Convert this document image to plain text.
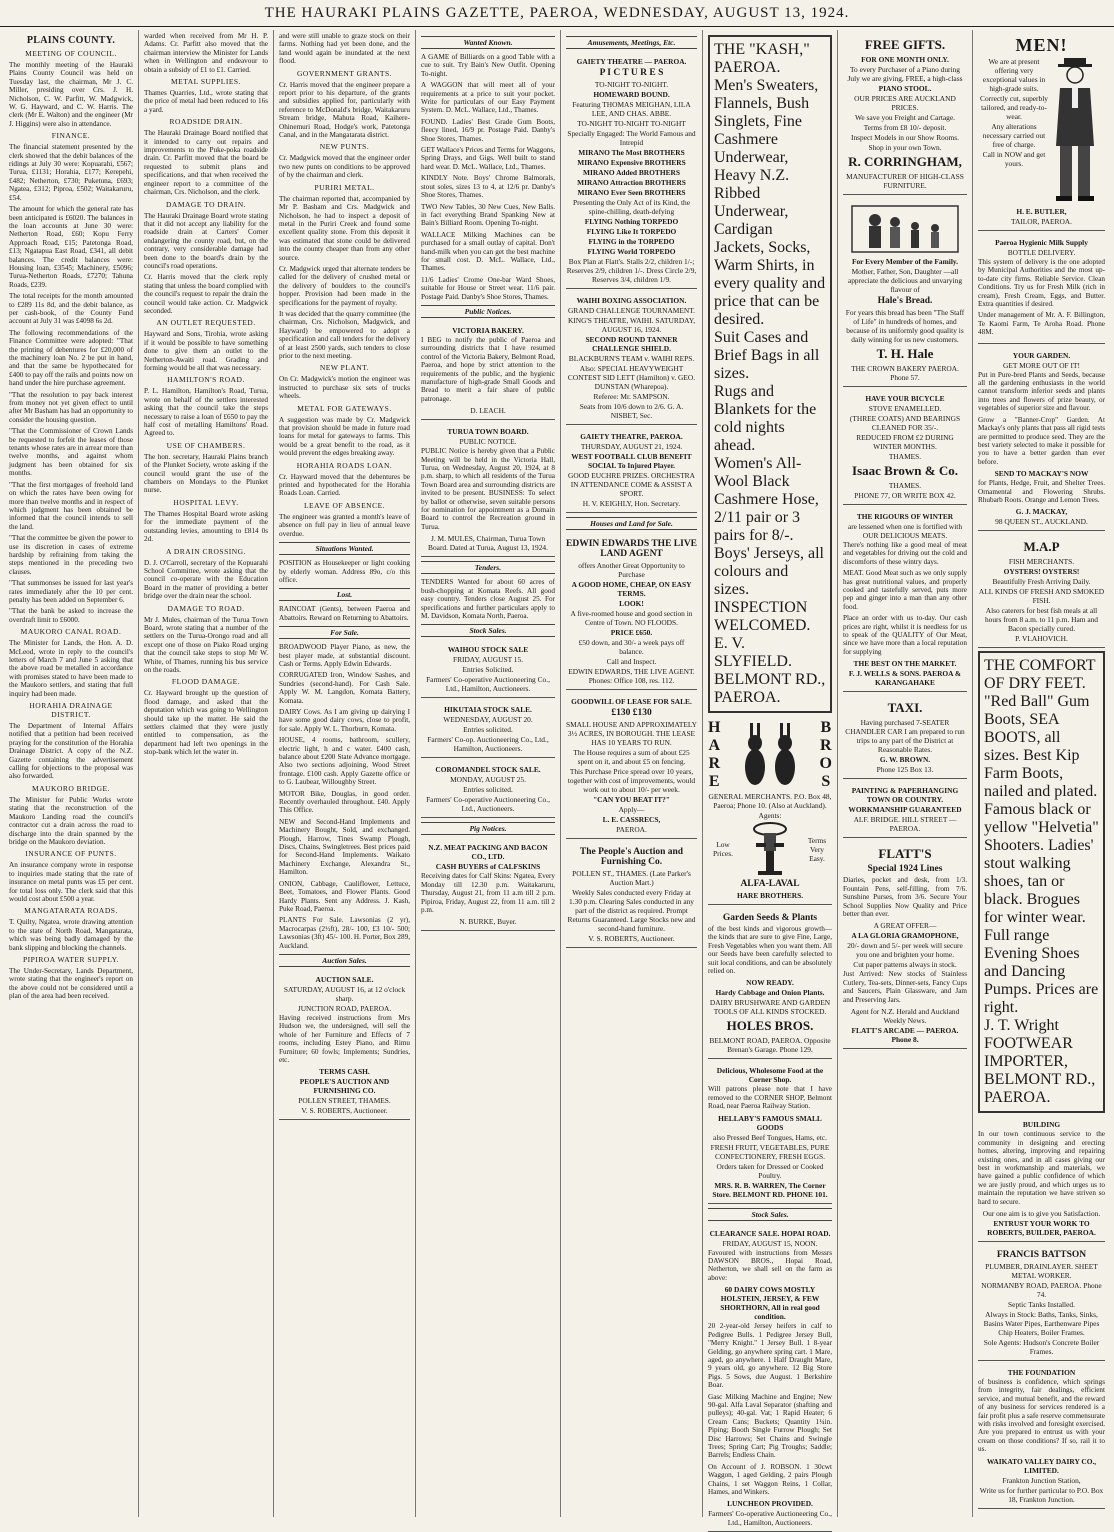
THE HAURAKI PLAINS GAZETTE, PAEROA, WEDNESDAY, AUGUST 13, 1924.
PLAINS COUNTY.
MEETING OF COUNCIL.

The monthly meeting of the Hauraki Plains County Council was held on Tuesday last, the chairman, Mr J. C. Miller, presiding over Crs. J. H. Nicholson, C. W. Parfitt, W. Madgwick, W. G. Hayward, and C. W. Harris. The clerk (Mr E. Walton) and the engineer (Mr J. Higgins) were also in attendance.

FINANCE.

The financial statement presented by the clerk showed that the debit balances of the ridings at July 30 were: Kopuarahi, £567; Turua, £1131; Horahia, £177; Kerepehi, £482; Netherton, £730; Puketuna, £693; Ngatea, £312; Piproa, £502; Waitakaruru, £54.

The amount for which the general rate has been anticipated is £6020. The balances in the loan accounts at June 30 were: Netherton Road, £60; Kopu Ferry Approach Road, £15; Patetonga Road, £13; Ngatapua East Road, £341, all debit balances. The credit balances were: Housing loan, £3545; Machinery, £5096; Turua-Netherton Roads, £7270; Tahuna Roads, £239.

The total receipts for the month amounted to £289 11s 8d, and the debit balance, as per cash-book, of the County Fund account at July 31 was £4098 6s 2d.

The following recommendations of the Finance Committee were adopted: "That the printing of debentures for £20,000 of the machinery loan No. 2 be put in hand, and that the same be hypothecated for £400 to pay off the rails and points now on hand under the hire purchase agreement.

"That the resolution to pay back interest from money not yet given effect to until after Mr Basham has had an opportunity to consider the housing question.

"That the Commissioner of Crown Lands be requested to forfeit the leases of those tenants whose rates are in arrear more than twelve months, and against whom judgment has been obtained for six months.

"That the first mortgages of freehold land on which the rates have been owing for more than twelve months and in respect of which judgment has been obtained be informed that the council intends to sell the land.

"That the committee be given the power to use its discretion in cases of extreme hardship by refraining from taking the steps mentioned in the preceding two clauses.

"That summonses be issued for last year's rates immediately after the 10 per cent. penalty has been added on September 6.

"That the bank be asked to increase the overdraft limit to £6000.

MAUKORO CANAL ROAD.

The Minister for Lands, the Hon. A. D. McLeod, wrote in reply to the council's letters of March 7 and June 5 asking that the above road be metalled in accordance with promises stated to have been made to the Maukoro settlers, and stating that full inquiry had been made.

HORAHIA DRAINAGE DISTRICT.

The Department of Internal Affairs notified that a petition had been received praying for the constitution of the Horahia Drainage District. A copy of the N.Z. Gazette containing the advertisement calling for objections to the proposal was also forwarded.

MAUKORO BRIDGE.

The Minister for Public Works wrote stating that the reconstruction of the Maukoro Landing road the council's contractor cut a drain across the road to discharge into the drain spanned by the bridge on the Maukoro deviation.

INSURANCE OF PUNTS.

An insurance company wrote in response to inquiries made stating that the rate of insurance on metal punts was £5 per cent. for total loss only. The clerk said that this would cost about £500 a year.

MANGATARATA ROADS.

T. Quilty, Ngatea, wrote drawing attention to the state of North Road, Mangatarata, which was being badly damaged by the bank slipping and blocking the channels.

PIPIROA WATER SUPPLY.

The Under-Secretary, Lands Department, wrote stating that the engineer's report on the above could not be considered until a plan of the area had been received.

warded when received from Mr H. P. Adams. Cr. Parfitt also moved that the chairman interview the Minister for Lands when in Wellington and endeavour to obtain a subsidy of £1 to £1. Carried.

METAL SUPPLIES.

Thames Quarries, Ltd., wrote stating that the price of metal had been reduced to 16s a yard.

ROADSIDE DRAIN.

The Hauraki Drainage Board notified that it intended to carry out repairs and improvements to the Puke-poka roadside drain. Cr. Parfitt moved that the board be requested to submit plans and specifications, and that when received the engineer report to a committee of the chairman, Crs. Nicholson, and the clerk.

DAMAGE TO DRAIN.

The Hauraki Drainage Board wrote stating that it did not accept any liability for the roadside drain at Carters' Corner endangering the county road, but, on the contrary, very considerable damage had been done to the board's drain by the council's road operations.

Cr. Harris moved that the clerk reply stating that unless the board complied with the council's request to repair the drain the council would take action. Cr. Madgwick seconded.

AN OUTLET REQUESTED.

Hayward and Sons, Tirohia, wrote asking if it would be possible to have something done to give them an outlet to the Netherton-Awaiti road. Grading and forming would be all that was necessary.

HAMILTON'S ROAD.

P. L. Hamilton, Hamilton's Road, Turua, wrote on behalf of the settlers interested asking that the council take the steps necessary to raise a loan of £650 to pay the half cost of metalling Hamiltons' Road. Agreed to.

USE OF CHAMBERS.

The hon. secretary, Hauraki Plains branch of the Plunket Society, wrote asking if the council would grant the use of the chambers on Mondays to the Plunket nurse.

HOSPITAL LEVY.

The Thames Hospital Board wrote asking for the immediate payment of the outstanding levies, amounting to £814 0s 2d.

A DRAIN CROSSING.

D. J. O'Carroll, secretary of the Kopuarahi School Committee, wrote asking that the council co-operate with the Education Board in the matter of providing a better bridge over the drain near the school.

DAMAGE TO ROAD.

Mr J. Mules, chairman of the Turua Town Board, wrote stating that a number of the settlers on the Turua-Orongo road and all except one of those on Piako Road urging that the council take steps to stop Mr W. White, of Thames, running his bus service on the roads.

FLOOD DAMAGE.

Cr. Hayward brought up the question of flood damage, and asked that the deputation which was going to Wellington should take up the matter. He said the settlers claimed that they were justly entitled to compensation, as the department had left two openings in the stop-bank which let the water in.

and were still unable to graze stock on their farms. Nothing had yet been done, and the land would again be inundated at the next flood.

GOVERNMENT GRANTS.

Cr. Harris moved that the engineer prepare a report prior to his departure, of the grants and subsidies applied for, particularly with reference to McDonald's bridge, Waitakaruru Stream bridge, Mahuta Road, Kaihere-Ohinemuri Road, Hodge's work, Patetonga Canal, and in the Mangatarata district.

NEW PUNTS.

Cr. Madgwick moved that the engineer order two new punts on conditions to be approved of by the chairman and clerk.

PURIRI METAL.

The chairman reported that, accompanied by Mr P. Basham and Crs. Madgwick and Nicholson, he had to inspect a deposit of metal in the Puriri Creek and found some excellent quality stone. From this deposit it was estimated that stone could be delivered into the county cheaper than from any other source.

Cr. Madgwick urged that alternate tenders be called for the delivery of crushed metal or the delivery of boulders to the council's hopper. Provision had been made in the specifications for the payment of royalty.

It was decided that the quarry committee (the chairman, Crs. Nicholson, Madgwick, and Hayward) be empowered to adopt a specification and call tenders for the delivery of at least 2500 yards, such tenders to close prior to the next meeting.

NEW PLANT.

On Cr. Madgwick's motion the engineer was instructed to purchase six sets of trucks wheels.

METAL FOR GATEWAYS.

A suggestion was made by Cr. Madgwick that provision should be made in future road loans for metal for gateways to farms. This would be a great benefit to the road, as it would prevent the edges breaking away.

HORAHIA ROADS LOAN.

Cr. Hayward moved that the debentures be printed and hypothecated for the Horahia Roads Loan. Carried.

LEAVE OF ABSENCE.

The engineer was granted a month's leave of absence on full pay in lieu of annual leave overdue.

Situations Wanted.

POSITION as Housekeeper or light cooking by elderly woman. Address 89o, c/o this office.

Lost.

RAINCOAT (Gents), between Paeroa and Abattoirs. Reward on Returning to Abattoirs.

For Sale.

BROADWOOD Player Piano, as new, the best player made, at substantial discount. Cash or Terms. Apply Edwin Edwards.

CORRUGATED Iron, Window Sashes, and Sundries (second-hand). For Cash Sale. Apply W. M. Langdon, Komata Battery, Komata.

DAIRY Cows. As I am giving up dairying I have some good dairy cows, close to profit, for sale. Apply W. L. Thorburn, Komata.

HOUSE, 4 rooms, bathroom, scullery, electric light, h and c water. £400 cash, balance about £200 State Advance mortgage. Also two sections adjoining, Wood Street frontage. £100 cash. Apply Gazette office or to G. Laubear, Willoughby Street.

MOTOR Bike, Douglas, in good order. Recently overhauled throughout. £40. Apply This Office.

NEW and Second-Hand Implements and Machinery Bought, Sold, and exchanged. Plough, Harrow, Tines Swamp Plough, Discs, Chains, Swingletrees. Best prices paid for Second-Hand Implements. Waikato Machinery Exchange, Alexandra St., Hamilton.

ONION, Cabbage, Cauliflower, Lettuce, Beet, Tomatoes, and Flower Plants. Good Hardy Plants. Sent any Address. J. Kash, Puke Road, Paeroa.

PLANTS For Sale. Lawsonias (2 yr), Macrocarpas (2½ft), 28/- 100, £3 10/- 500; Lawsonias (3ft) 45/- 100. H. Porter, Box 289, Auckland.

Auction Sales.
AUCTION SALE.
SATURDAY, AUGUST 16, at 12 o'clock sharp.
JUNCTION ROAD, PAEROA.

Having received instructions from Mrs Hudson we, the undersigned, will sell the whole of her Furniture and Effects of 7 rooms, including Estey Piano, and Rimu Furniture; 60 fowls; Implements; Sundries, etc.

TERMS CASH.
PEOPLE'S AUCTION AND FURNISHING CO.
POLLEN STREET, THAMES.
V. S. ROBERTS, Auctioneer.
Wanted Known.

A GAME of Billiards on a good Table with a cue to suit. Try Bain's New Outfit. Opening To-night.

A WAGGON that will meet all of your requirements at a price to suit your pocket. Write for particulars of our Easy Payment System. D. McL. Wallace, Ltd., Thames.

FOUND. Ladies' Best Grade Gum Boots, fleecy lined, 16/9 pr. Postage Paid. Danby's Shoe Stores, Thames.

GET Wallace's Prices and Terms for Waggons, Spring Drays, and Gigs. Well built to stand hard wear. D. McL. Wallace, Ltd., Thames.

KINDLY Note. Boys' Chrome Balmorals, stout soles, sizes 13 to 4, at 12/6 pr. Danby's Shoe Stores, Thames.

TWO New Tables, 30 New Cues, New Balls. in fact everything Brand Spanking New at Bain's Billiard Room. Opening To-night.

WALLACE Milking Machines can be purchased for a small outlay of capital. Don't hand-milk when you can get the best machine for small cost. D. McL. Wallace, Ltd., Thames.

11/6 Ladies' Crome One-bar Ward Shoes, suitable for House or Street wear. 11/6 pair. Postage Paid. Danby's Shoe Stores, Thames.

Public Notices.
VICTORIA BAKERY.

I BEG to notify the public of Paeroa and surrounding districts that I have resumed control of the Victoria Bakery, Belmont Road, Paeroa, and hope by strict attention to the requirements of the public, and the hygienic manufacture of high-grade Small Goods and Bread to merit a fair share of public patronage.

D. LEACH.
TURUA TOWN BOARD.
PUBLIC NOTICE.

PUBLIC Notice is hereby given that a Public Meeting will be held in the Victoria Hall, Turua, on Wednesday, August 20, 1924, at 8 p.m. sharp, to which all residents of the Turua Town Board area and surrounding districts are invited to be present. BUSINESS: To select by ballot or otherwise, seven suitable persons for nomination for appointment as a Domain Board to control the Recreation ground in Turua.

J. M. MULES, Chairman, Turua Town Board. Dated at Turua, August 13, 1924.
Tenders.

TENDERS Wanted for about 60 acres of bush-chopping at Komata Reefs. All good easy country. Tenders close August 25. For specifications and further particulars apply to M. Davidson, Komata North, Paeroa.

Stock Sales.
WAIHOU STOCK SALE
FRIDAY, AUGUST 15.
Entries Solicited.
Farmers' Co-operative Auctioneering Co., Ltd., Hamilton, Auctioneers.
HIKUTAIA STOCK SALE.
WEDNESDAY, AUGUST 20.
Entries solicited.
Farmers' Co-op. Auctioneering Co., Ltd., Hamilton, Auctioneers.
COROMANDEL STOCK SALE.
MONDAY, AUGUST 25.
Entries solicited.
Farmers' Co-operative Auctioneering Co., Ltd., Auctioneers.
Pig Notices.
N.Z. MEAT PACKING AND BACON CO., LTD.
CASH BUYERS of CALFSKINS

Receiving dates for Calf Skins: Ngatea, Every Monday till 12.30 p.m. Waitakaruru, Thursday, August 21, from 11 a.m till 2 p.m. Pipiroa, Friday, August 22, from 11 a.m. till 2 p.m.

N. BURKE, Buyer.
Amusements, Meetings, Etc.
GAIETY THEATRE — PAEROA.
P I C T U R E S
TO-NIGHT TO-NIGHT.
HOMEWARD BOUND.
Featuring THOMAS MEIGHAN, LILA LEE, AND CHAS. ABBE.
TO-NIGHT TO-NIGHT TO-NIGHT
Specially Engaged: The World Famous and Intrepid
MIRANO The Most BROTHERS
MIRANO Expensive BROTHERS
MIRANO Added BROTHERS
MIRANO Attraction BROTHERS
MIRANO Ever Seen BROTHERS
Presenting the Only Act of its Kind, the spine-chilling, death-defying
FLYING Nothing TORPEDO
FLYING Like It TORPEDO
FLYING in the TORPEDO
FLYING World TORPEDO
Box Plan at Flatt's. Stalls 2/2, children 1/-; Reserves 2/9, children 1/-. Dress Circle 2/9, Reserves 3/4, children 1/9.
WAIHI BOXING ASSOCIATION.
GRAND CHALLENGE TOURNAMENT.
KING'S THEATRE, WAIHI. SATURDAY, AUGUST 16, 1924.
SECOND ROUND TANNER CHALLENGE SHIELD.
BLACKBURN'S TEAM v. WAIHI REPS.
Also: SPECIAL HEAVYWEIGHT CONTEST SID LETT (Hamilton) v. GEO. DUNSTAN (Wharepoa).
Referee: Mr. SAMPSON.
Seats from 10/6 down to 2/6. G. A. NISBET, Sec.
GAIETY THEATRE, PAEROA.
THURSDAY, AUGUST 21, 1924.
WEST FOOTBALL CLUB BENEFIT SOCIAL To Injured Player.
GOOD EUCHRE PRIZES. ORCHESTRA IN ATTENDANCE COME & ASSIST A SPORT.
H. V. KEIGHLY, Hon. Secretary.
Houses and Land for Sale.
EDWIN EDWARDS THE LIVE LAND AGENT
offers Another Great Opportunity to Purchase
A GOOD HOME, CHEAP, ON EASY TERMS.
LOOK!
A five-roomed house and good section in Centre of Town. NO FLOODS.
PRICE £650.
£50 down, and 30/- a week pays off balance.
Call and Inspect.
EDWIN EDWARDS, THE LIVE AGENT. Phones: Office 108, res. 112.
GOODWILL OF LEASE FOR SALE.
£130 £130
SMALL HOUSE AND APPROXIMATELY 3½ ACRES, IN BOROUGH. THE LEASE HAS 10 YEARS TO RUN.
The House requires a sum of about £25 spent on it, and about £5 on fencing.
This Purchase Price spread over 10 years, together with cost of improvements, would work out to about 10/- per week.
"CAN YOU BEAT IT?"
Apply—
L. E. CASSRECS,
PAEROA.
The People's Auction and Furnishing Co.
POLLEN ST., THAMES. (Late Parker's Auction Mart.)
Weekly Sales conducted every Friday at 1.30 p.m. Clearing Sales conducted in any part of the district as required. Prompt Returns Guaranteed. Large Stocks new and second-hand furniture.
V. S. ROBERTS, Auctioneer.
THE "KASH," PAEROA.
Men's Sweaters, Flannels, Bush Singlets, Fine Cashmere Underwear, Heavy N.Z. Ribbed Underwear, Cardigan Jackets, Socks, Warm Shirts, in every quality and price that can be desired.
Suit Cases and Brief Bags in all sizes.
Rugs and Blankets for the cold nights ahead.
Women's All-Wool Black Cashmere Hose, 2/11 pair or 3 pairs for 8/-.
Boys' Jerseys, all colours and sizes.
INSPECTION WELCOMED.
E. V. SLYFIELD. BELMONT RD., PAEROA.
H
A
R
E
B
R
O
S
GENERAL MERCHANTS. P.O. Box 48, Paeroa; Phone 10. (Also at Auckland).
Agents:
Low Prices.
Terms Very Easy.
ALFA-LAVAL
HARE BROTHERS.
Garden Seeds & Plants

of the best kinds and vigorous growth—the kinds that are sure to give Fine, Large, Fresh Vegetables when you want them. All our Seeds have been carefully selected to suit local conditions, and can be absolutely relied on.

NOW READY.
Hardy Cabbage and Onion Plants.
DAIRY BRUSHWARE AND GARDEN TOOLS OF ALL KINDS STOCKED.
HOLES BROS.
BELMONT ROAD, PAEROA. Opposite Brenan's Garage. Phone 129.
Delicious, Wholesome Food at the Corner Shop.

Will patrons please note that I have removed to the CORNER SHOP, Belmont Road, near Paeroa Railway Station.

HELLABY'S FAMOUS SMALL GOODS
also Pressed Beef Tongues, Hams, etc.
FRESH FRUIT, VEGETABLES, PURE CONFECTIONERY, FRESH EGGS.
Orders taken for Dressed or Cooked Poultry.
MRS. R. B. WARREN, The Corner Store. BELMONT RD. PHONE 101.
Stock Sales.
CLEARANCE SALE. HOPAI ROAD.
FRIDAY, AUGUST 15, NOON.

Favoured with instructions from Messrs DAWSON BROS., Hopai Road, Netherton, we shall sell on the farm as above:

60 DAIRY COWS MOSTLY HOLSTEIN, JERSEY, & FEW SHORTHORN, All in real good condition.

20 2-year-old Jersey heifers in calf to Pedigree Bulls. 1 Pedigree Jersey Bull, "Merry Knight." 1 Jersey Bull. 1 8-year Gelding, go anywhere spring cart. 1 Mare, aged, go anywhere. 1 Half Draught Mare, 9 years old, go anywhere. 12 Big Store Pigs. 5 Sows, due August. 1 Berkshire Boar.

Gasc Milking Machine and Engine; New 90-gal. Alfa Laval Separator (shafting and pulleys); 40-gal. Vat; 1 Rapid Heater; 6 Cream Cans; Buckets; Quantity 1¼in. Piping; Booth Single Furrow Plough; Set Disc Harrows; Set Chains and Swingle Trees; Spring Cart; Pig Troughs; Saddle; Barrels; Endless Chain.

On Account of J. ROBSON. 1 30cwt Waggon, 1 aged Gelding, 2 pairs Plough Chains, 1 set Waggon Reins, 1 Collar, Hames, and Winkers.

LUNCHEON PROVIDED.
Farmers' Co-operative Auctioneering Co., Ltd., Hamilton, Auctioneers.
FREE GIFTS.
FOR ONE MONTH ONLY.
To every Purchaser of a Piano during July we are giving, FREE, a high-class
PIANO STOOL.
OUR PRICES ARE AUCKLAND PRICES.
We save you Freight and Cartage.
Terms from £8 10/- deposit.
Inspect Models in our Show Rooms.
Shop in your own Town.
R. CORRINGHAM,
MANUFACTURER OF HIGH-CLASS FURNITURE.
For Every Member of the Family.
Mother, Father, Son, Daughter —all appreciate the delicious and unvarying flavour of
Hale's Bread.
For years this bread has been "The Staff of Life" in hundreds of homes, and because of its uniformly good quality is daily winning for us new customers.
T. H. Hale
THE CROWN BAKERY PAEROA. Phone 57.
HAVE YOUR BICYCLE
STOVE ENAMELLED.
(THREE COATS) AND BEARINGS CLEANED FOR 35/-.
REDUCED FROM £2 DURING WINTER MONTHS.
THAMES.
Isaac Brown & Co.
THAMES.
PHONE 77, OR WRITE BOX 42.
THE RIGOURS OF WINTER
are lessened when one is fortified with OUR DELICIOUS MEATS.

There's nothing like a good meal of meat and vegetables for driving out the cold and discomforts of these wintry days.

MEAT. Good Meat such as we only supply has great nutritional values, and properly cooked and tastefully served, puts more pep and ginger into a man than any other food.

Place an order with us to-day. Our cash prices are right, whilst it is needless for us to speak of the QUALITY of Our Meat, since we have more than a local reputation for supplying

THE BEST ON THE MARKET.
F. J. WELLS & SONS. PAEROA & KARANGAHAKE
TAXI.
Having purchased 7-SEATER CHANDLER CAR I am prepared to run trips to any part of the District at Reasonable Rates.
G. W. BROWN.
Phone 125 Box 13.
PAINTING & PAPERHANGING TOWN OR COUNTRY.
WORKMANSHIP GUARANTEED
ALF. BRIDGE. HILL STREET — PAEROA.
FLATT'S
Special 1924 Lines

Diaries, pocket and desk, from 1/3. Fountain Pens, self-filling, from 7/6. Sunshine Purses, from 3/6. Secure Your School Supplies Now Quality and Price better than ever.

A GREAT OFFER—
A LA GLORIA GRAMOPHONE,
20/- down and 5/- per week will secure you one and brighten your home.
Cut paper patterns always in stock.

Just Arrived: New stocks of Stainless Cutlery, Tea-sets, Dinner-sets, Fancy Cups and Saucers, Plain Glassware, and Jam and Preserving Jars.

Agent for N.Z. Herald and Auckland Weekly News.
FLATT'S ARCADE — PAEROA. Phone 8.
MEN!
We are at present offering very exceptional values in high-grade suits.
Correctly cut, superbly tailored, and ready-to-wear.
Any alterations necessary carried out free of charge.
Call in NOW and get yours.
H. E. BUTLER,
TAILOR, PAEROA.
Paeroa Hygienic Milk Supply
BOTTLE DELIVERY.

This system of delivery is the one adopted by Municipal Authorities and the most up-to-date city firms. Reliable Service. Clean Conditions. Try us for Fresh Milk (rich in cream), Fresh Cream, Eggs, and Butter. Extra quantities if desired.

Under management of Mr. A. F. Billington, Te Kaomi Farm, Te Aroha Road. Phone 48M.

YOUR GARDEN.
GET MORE OUT OF IT!

Put in Pure-bred Plants and Seeds, because all the gardening enthusiasts in the world cannot transform inferior seeds and plants into trees and flowers of prize beauty, or vegetables of superior size and flavour.

Grow a "Banner-Crop" Garden. At Mackay's only plants that pass all rigid tests are permitted to produce seed. They are the best variety selected to make it possible for you to have a better garden than ever before.

SEND TO MACKAY'S NOW

for Plants, Hedge, Fruit, and Shelter Trees. Ornamental and Flowering Shrubs. Rhubarb Roots. Orange and Lemon Trees.

G. J. MACKAY,
98 QUEEN ST., AUCKLAND.
M.A.P
FISH MERCHANTS.
OYSTERS! OYSTERS!
Beautifully Fresh Arriving Daily.
ALL KINDS OF FRESH AND SMOKED FISH.
Also caterers for best fish meals at all hours from 8 a.m. to 11 p.m. Ham and Bacon specially cured.
P. VLAHOVICH.
THE COMFORT OF DRY FEET.
"Red Ball" Gum Boots, SEA BOOTS, all sizes. Best Kip Farm Boots, nailed and plated. Famous black or yellow "Helvetia" Shooters. Ladies' stout walking shoes, tan or black. Brogues for winter wear. Full range Evening Shoes and Dancing Pumps. Prices are right.
J. T. Wright
FOOTWEAR IMPORTER, BELMONT RD., PAEROA.
BUILDING

In our town continuous service to the community in designing and erecting homes, altering, improving and repairing existing ones, and in all cases giving our best in workmanship and materials, we have gained a public confidence of which we are justly proud, and which urges us to maintain the reputation we have striven so hard to secure.

Our one aim is to give you Satisfaction.
ENTRUST YOUR WORK TO ROBERTS, BUILDER, PAEROA.
FRANCIS BATTSON
PLUMBER, DRAINLAYER. SHEET METAL WORKER.
NORMANBY ROAD, PAEROA. Phone 74.
Septic Tanks Installed.
Always in Stock: Baths, Tanks, Sinks, Basins Water Pipes, Earthenware Pipes Chip Heaters, Boiler Frames.
Sole Agents: Hudson's Concrete Boiler Frames.
THE FOUNDATION

of business is confidence, which springs from integrity, fair dealings, efficient service, and mutual benefit, and the reward of any business for services rendered is a fair profit plus a safe reserve commensurate with risks involved and foresight exercised. Are you prepared to entrust us with your cream on those conditions? If so, rail it to us.

WAIKATO VALLEY DAIRY CO., LIMITED.
Frankton Junction Station,
Write us for further particular to P.O. Box 18, Frankton Junction.
